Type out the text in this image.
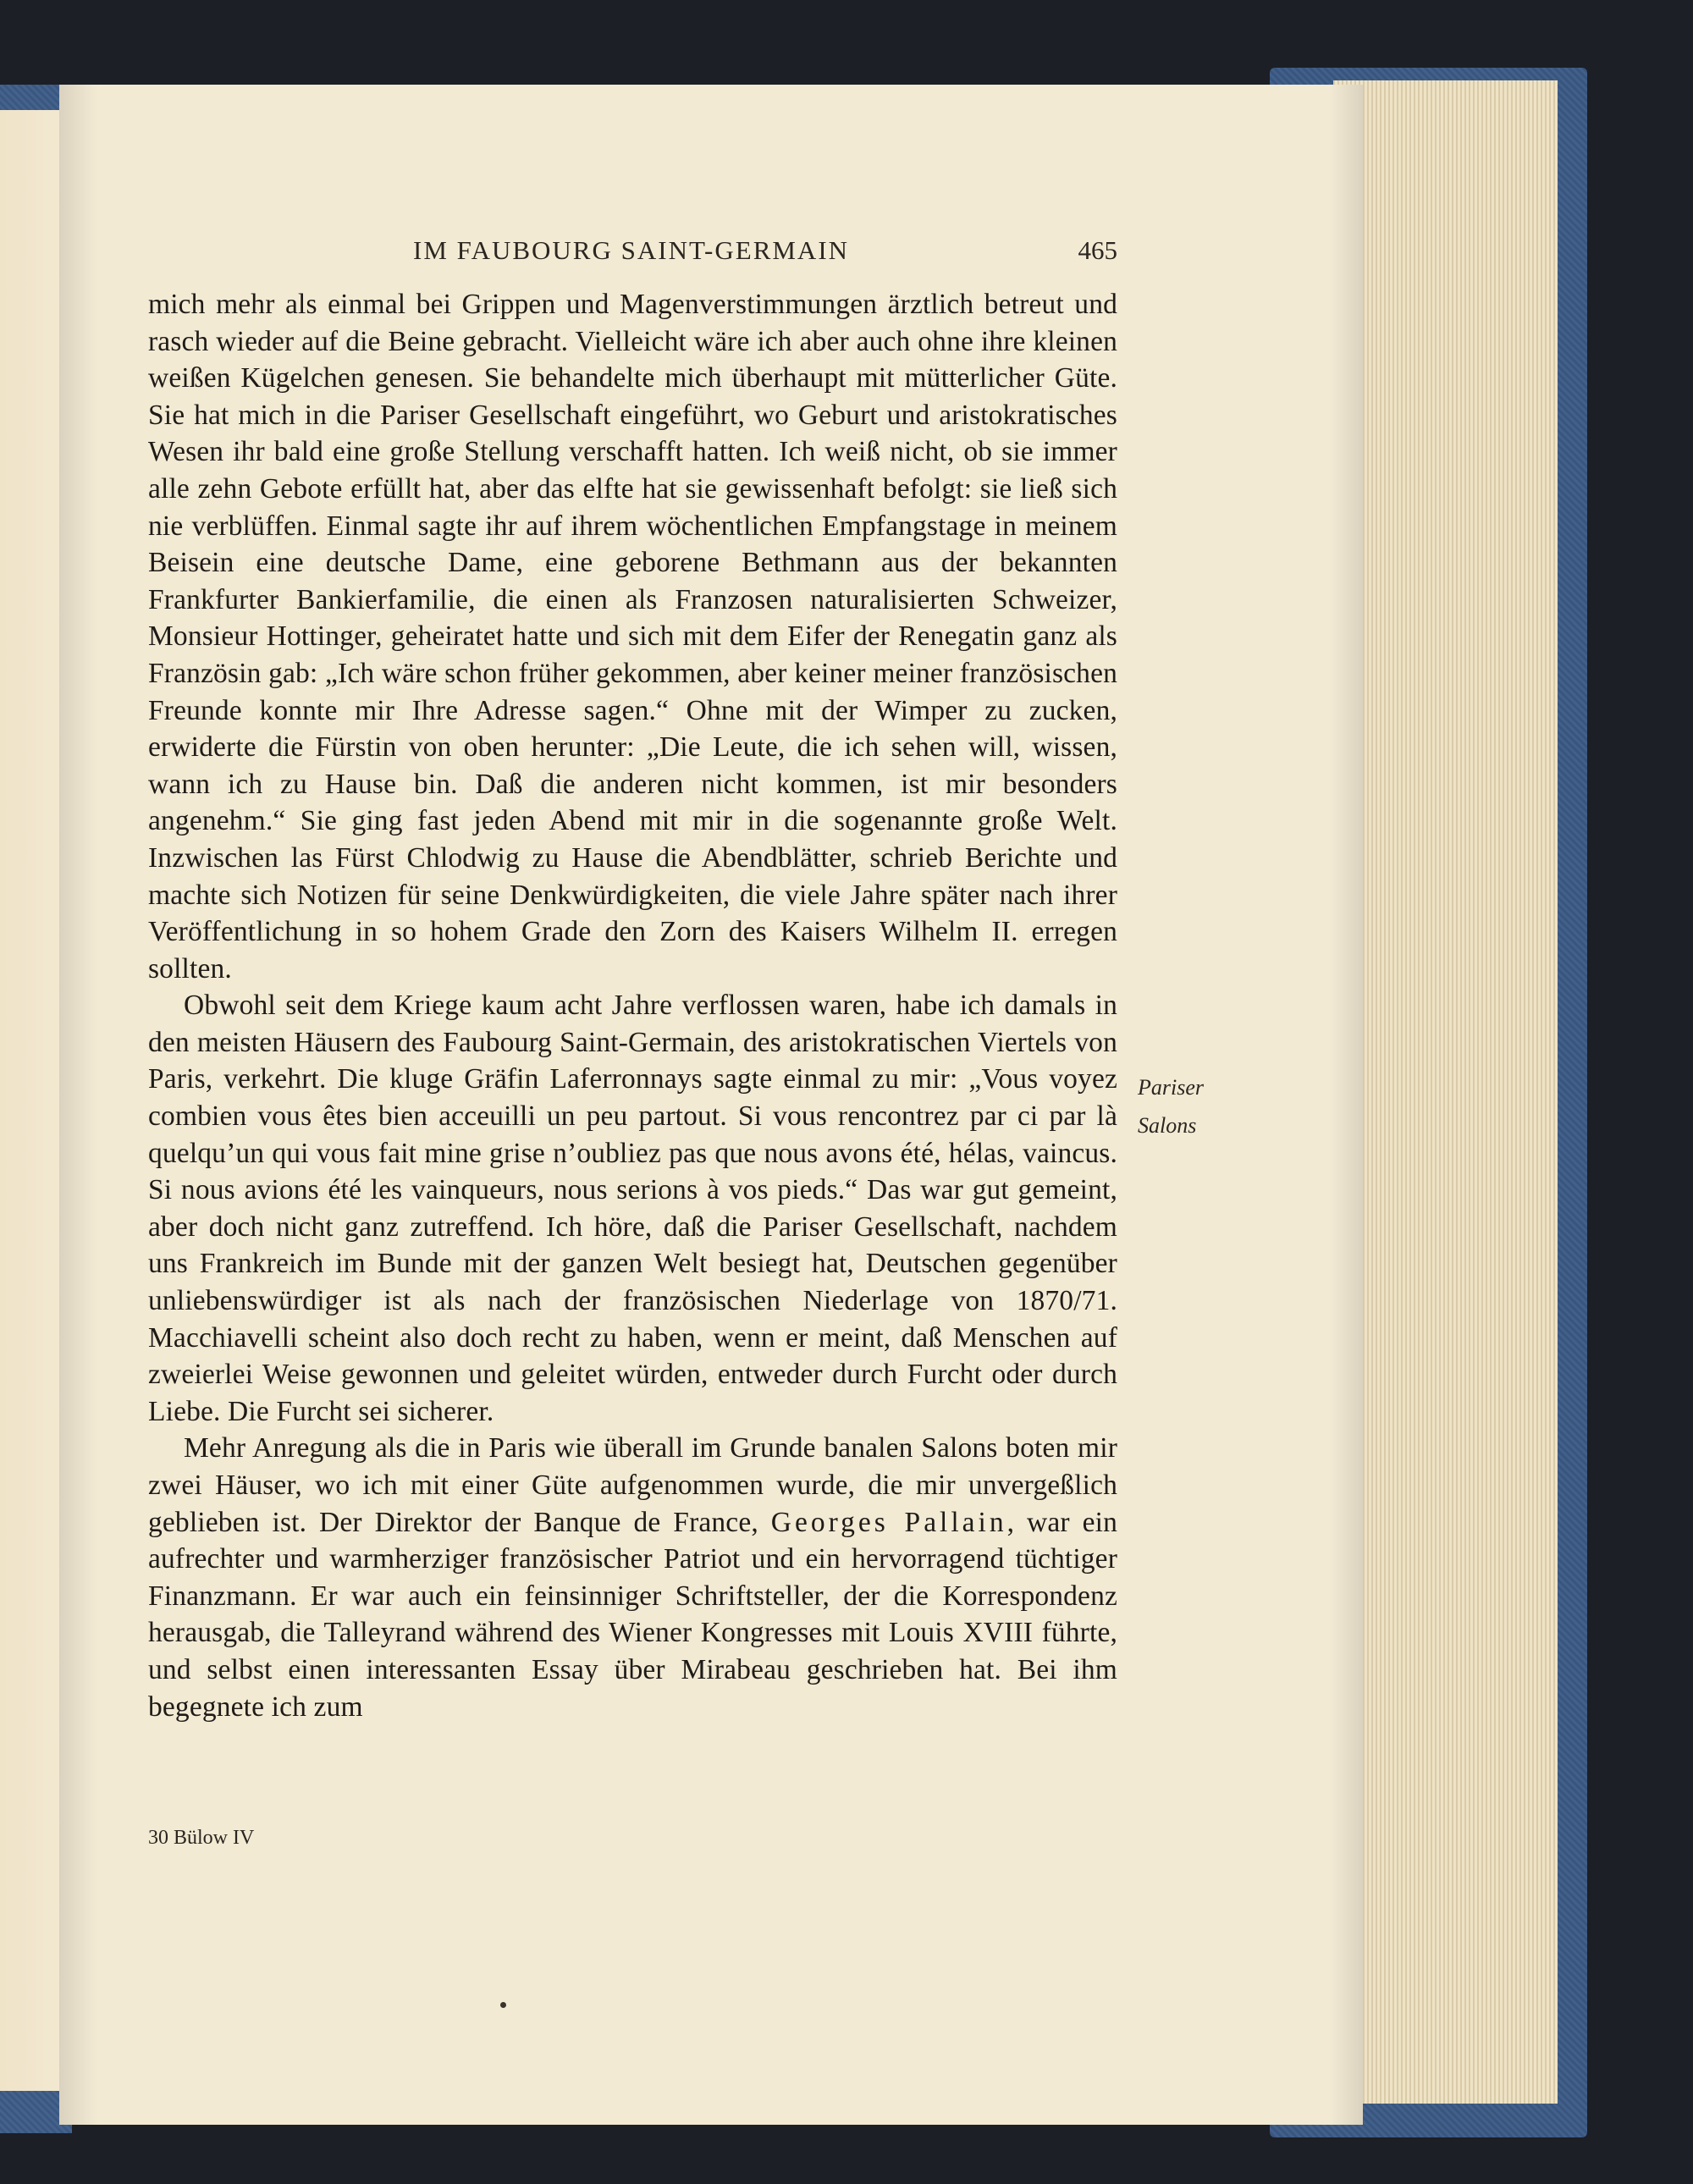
IM FAUBOURG SAINT-GERMAIN	465

mich mehr als einmal bei Grippen und Magenverstimmungen ärztlich betreut und rasch wieder auf die Beine gebracht. Vielleicht wäre ich aber auch ohne ihre kleinen weißen Kügelchen genesen. Sie behandelte mich überhaupt mit mütterlicher Güte. Sie hat mich in die Pariser Gesellschaft eingeführt, wo Geburt und aristokratisches Wesen ihr bald eine große Stellung verschafft hatten. Ich weiß nicht, ob sie immer alle zehn Gebote erfüllt hat, aber das elfte hat sie gewissenhaft befolgt: sie ließ sich nie verblüffen. Einmal sagte ihr auf ihrem wöchentlichen Empfangstage in meinem Beisein eine deutsche Dame, eine geborene Bethmann aus der bekannten Frankfurter Bankierfamilie, die einen als Franzosen naturalisierten Schweizer, Monsieur Hottinger, geheiratet hatte und sich mit dem Eifer der Renegatin ganz als Französin gab: „Ich wäre schon früher gekommen, aber keiner meiner französischen Freunde konnte mir Ihre Adresse sagen.“ Ohne mit der Wimper zu zucken, erwiderte die Fürstin von oben herunter: „Die Leute, die ich sehen will, wissen, wann ich zu Hause bin. Daß die anderen nicht kommen, ist mir besonders angenehm.“ Sie ging fast jeden Abend mit mir in die sogenannte große Welt. Inzwischen las Fürst Chlodwig zu Hause die Abendblätter, schrieb Berichte und machte sich Notizen für seine Denkwürdigkeiten, die viele Jahre später nach ihrer Veröffentlichung in so hohem Grade den Zorn des Kaisers Wilhelm II. erregen sollten.

Obwohl seit dem Kriege kaum acht Jahre verflossen waren, habe ich damals in den meisten Häusern des Faubourg Saint-Germain, des aristokratischen Viertels von Paris, verkehrt. Die kluge Gräfin Laferronnays sagte einmal zu mir: „Vous voyez combien vous êtes bien acceuilli un peu partout. Si vous rencontrez par ci par là quelqu’un qui vous fait mine grise n’oubliez pas que nous avons été, hélas, vaincus. Si nous avions été les vainqueurs, nous serions à vos pieds.“ Das war gut gemeint, aber doch nicht ganz zutreffend. Ich höre, daß die Pariser Gesellschaft, nachdem uns Frankreich im Bunde mit der ganzen Welt besiegt hat, Deutschen gegenüber unliebenswürdiger ist als nach der französischen Niederlage von 1870/71. Macchiavelli scheint also doch recht zu haben, wenn er meint, daß Menschen auf zweierlei Weise gewonnen und geleitet würden, entweder durch Furcht oder durch Liebe. Die Furcht sei sicherer.

Mehr Anregung als die in Paris wie überall im Grunde banalen Salons boten mir zwei Häuser, wo ich mit einer Güte aufgenommen wurde, die mir unvergeßlich geblieben ist. Der Direktor der Banque de France, Georges Pallain, war ein aufrechter und warmherziger französischer Patriot und ein hervorragend tüchtiger Finanzmann. Er war auch ein feinsinniger Schriftsteller, der die Korrespondenz herausgab, die Talleyrand während des Wiener Kongresses mit Louis XVIII führte, und selbst einen interessanten Essay über Mirabeau geschrieben hat. Bei ihm begegnete ich zum

Pariser
Salons
30 Bülow IV
